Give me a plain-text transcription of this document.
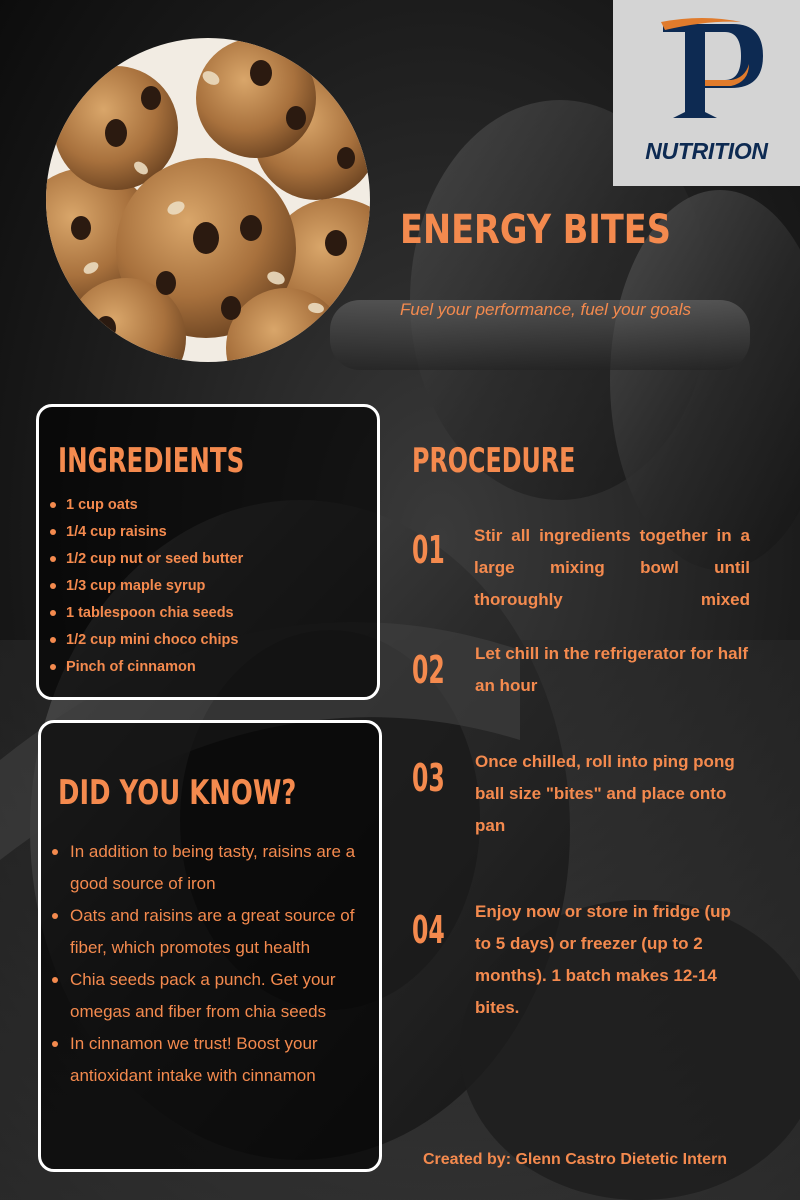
NUTRITION
ENERGY BITES
Fuel your performance, fuel your goals
INGREDIENTS
1 cup oats
1/4 cup raisins
1/2 cup nut or seed butter
1/3 cup maple syrup
1 tablespoon chia seeds
1/2 cup mini choco chips
Pinch of cinnamon
DID YOU KNOW?
In addition to being tasty, raisins are a good source of iron
Oats and raisins are a great source of fiber, which promotes gut health
Chia seeds pack a punch. Get your omegas and fiber from chia seeds
In cinnamon we trust! Boost your antioxidant intake with cinnamon
PROCEDURE
01 Stir all ingredients together in a large mixing bowl until thoroughly mixed

02 Let chill in the refrigerator for half an hour

03 Once chilled, roll into ping pong ball size "bites" and place onto pan

04 Enjoy now or store in fridge (up to 5 days) or freezer (up to 2 months). 1 batch makes 12-14 bites.

Created by: Glenn Castro Dietetic Intern
